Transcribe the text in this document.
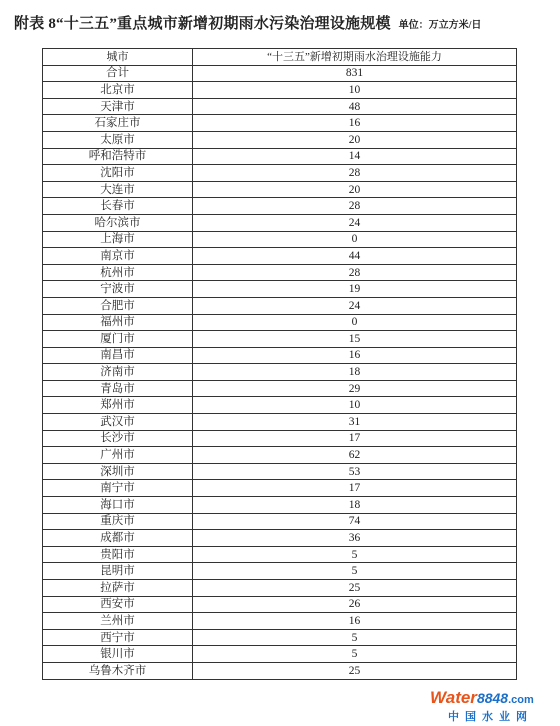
附表 8“十三五”重点城市新增初期雨水污染治理设施规模 单位：万立方米/日
城市	“十三五”新增初期雨水治理设施能力
合计	831
北京市	10
天津市	48
石家庄市	16
太原市	20
呼和浩特市	14
沈阳市	28
大连市	20
长春市	28
哈尔滨市	24
上海市	0
南京市	44
杭州市	28
宁波市	19
合肥市	24
福州市	0
厦门市	15
南昌市	16
济南市	18
青岛市	29
郑州市	10
武汉市	31
长沙市	17
广州市	62
深圳市	53
南宁市	17
海口市	18
重庆市	74
成都市	36
贵阳市	5
昆明市	5
拉萨市	25
西安市	26
兰州市	16
西宁市	5
银川市	5
乌鲁木齐市	25
Water8848.com
中国水业网
